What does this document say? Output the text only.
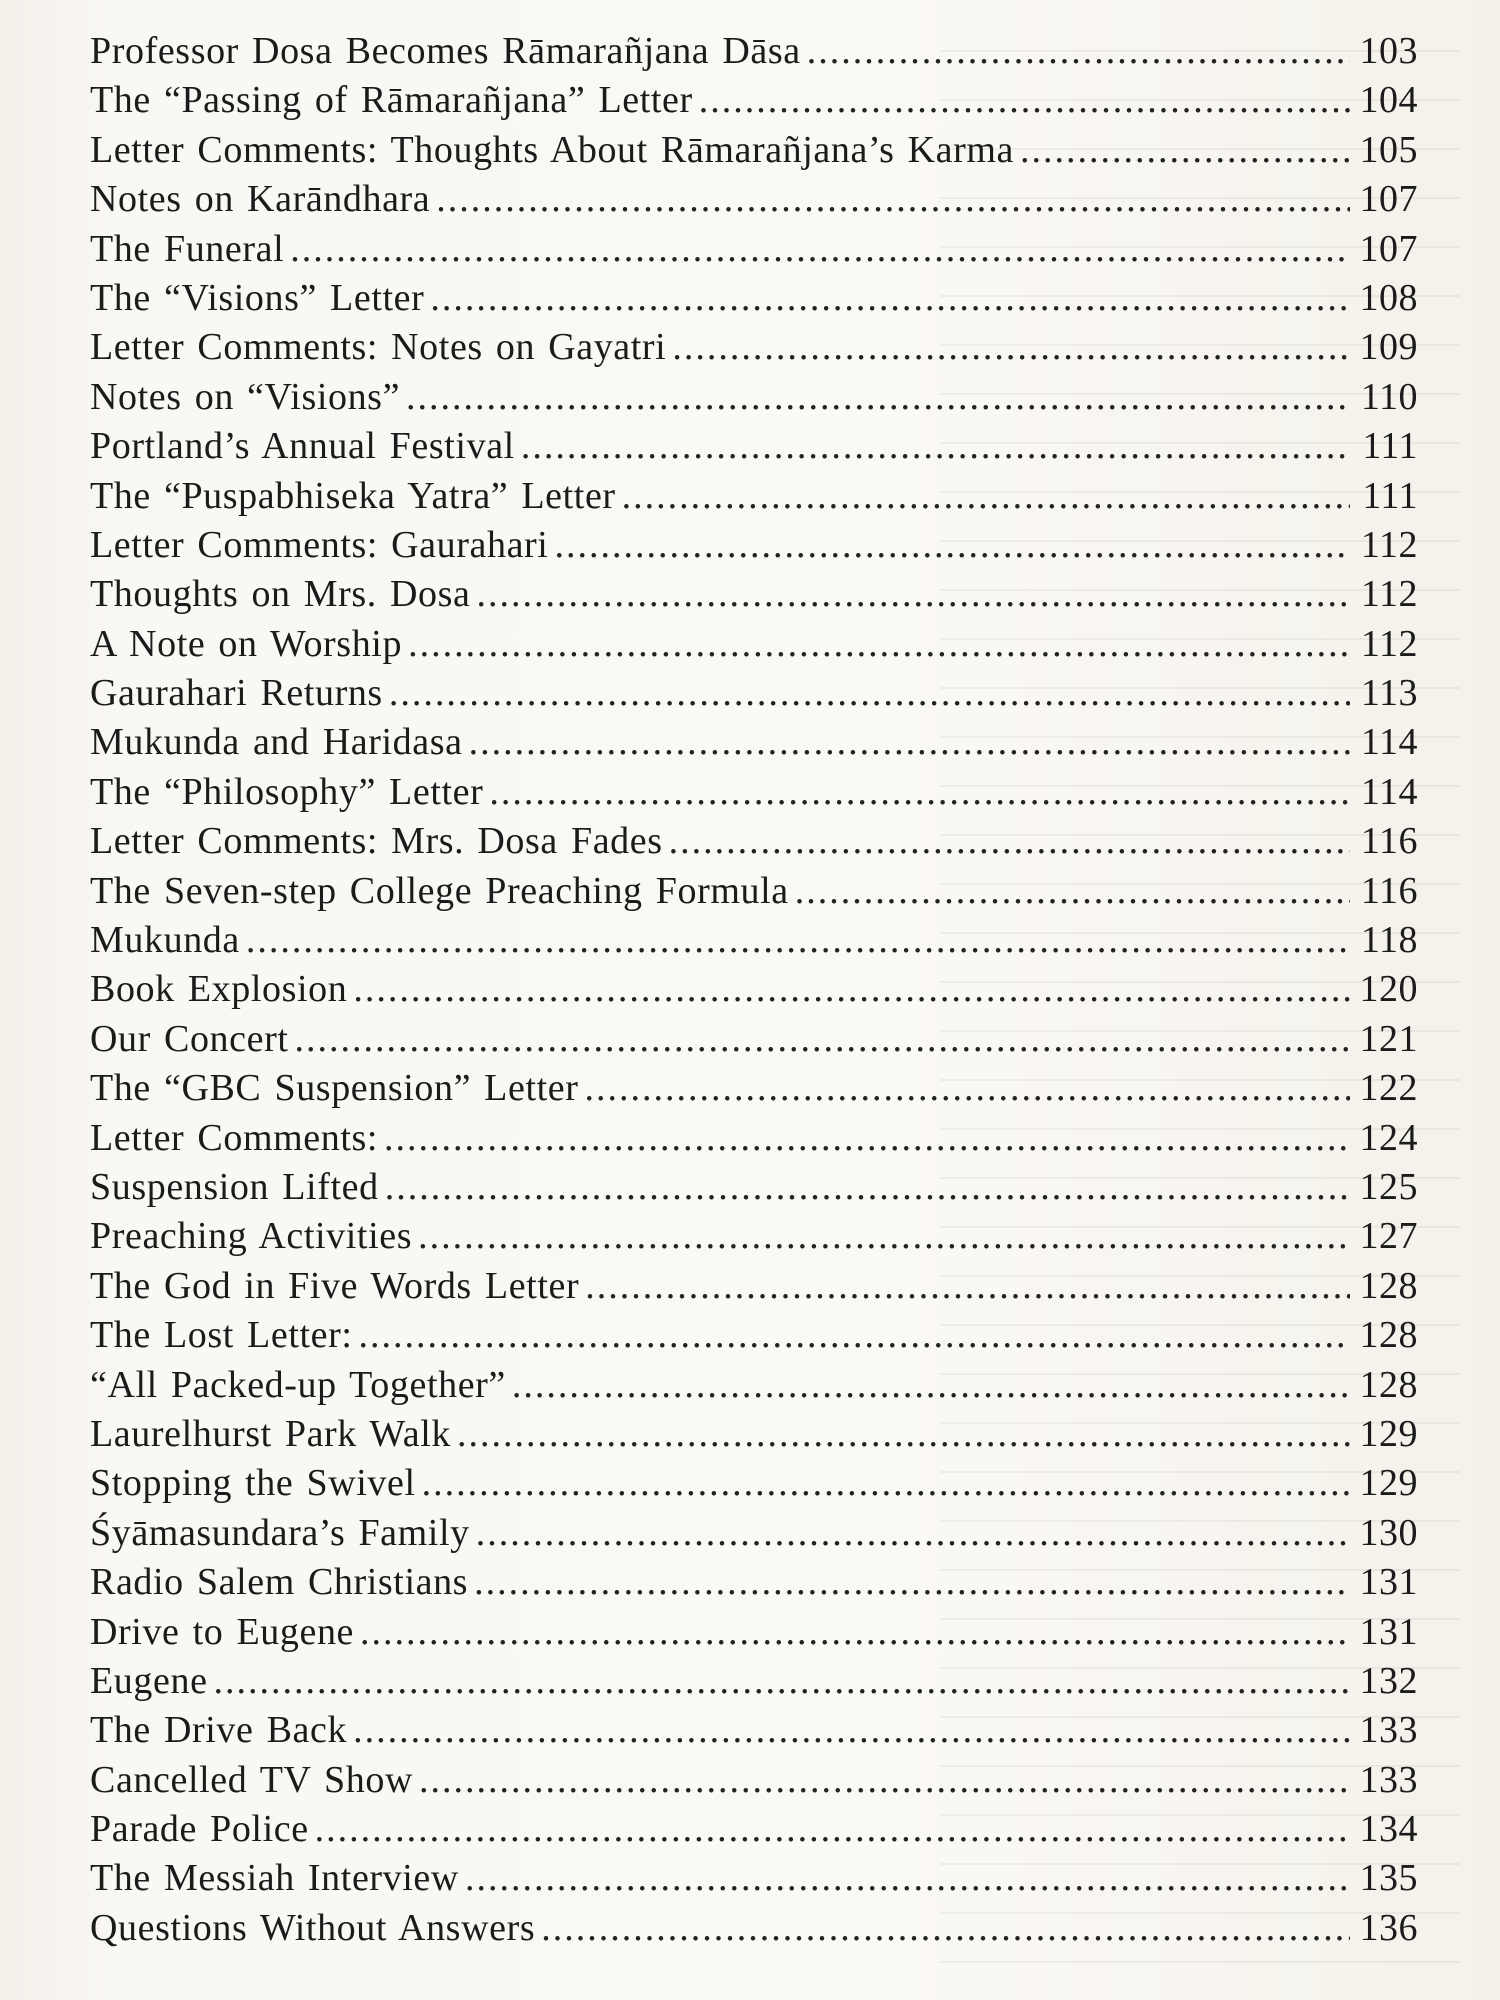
Professor Dosa Becomes Rāmarañjana Dāsa .....	103
The “Passing of Rāmarañjana” Letter .....	104
Letter Comments: Thoughts About Rāmarañjana’s Karma .....	105
Notes on Karāndhara .....	107
The Funeral .....	107
The “Visions” Letter .....	108
Letter Comments: Notes on Gayatri .....	109
Notes on “Visions” .....	110
Portland’s Annual Festival .....	111
The “Puspabhiseka Yatra” Letter .....	111
Letter Comments: Gaurahari .....	112
Thoughts on Mrs. Dosa .....	112
A Note on Worship .....	112
Gaurahari Returns .....	113
Mukunda and Haridasa .....	114
The “Philosophy” Letter .....	114
Letter Comments: Mrs. Dosa Fades .....	116
The Seven-step College Preaching Formula .....	116
Mukunda .....	118
Book Explosion .....	120
Our Concert .....	121
The “GBC Suspension” Letter .....	122
Letter Comments: .....	124
Suspension Lifted .....	125
Preaching Activities .....	127
The God in Five Words Letter .....	128
The Lost Letter: .....	128
“All Packed-up Together” .....	128
Laurelhurst Park Walk .....	129
Stopping the Swivel .....	129
Śyāmasundara’s Family .....	130
Radio Salem Christians .....	131
Drive to Eugene .....	131
Eugene .....	132
The Drive Back .....	133
Cancelled TV Show .....	133
Parade Police .....	134
The Messiah Interview .....	135
Questions Without Answers .....	136
